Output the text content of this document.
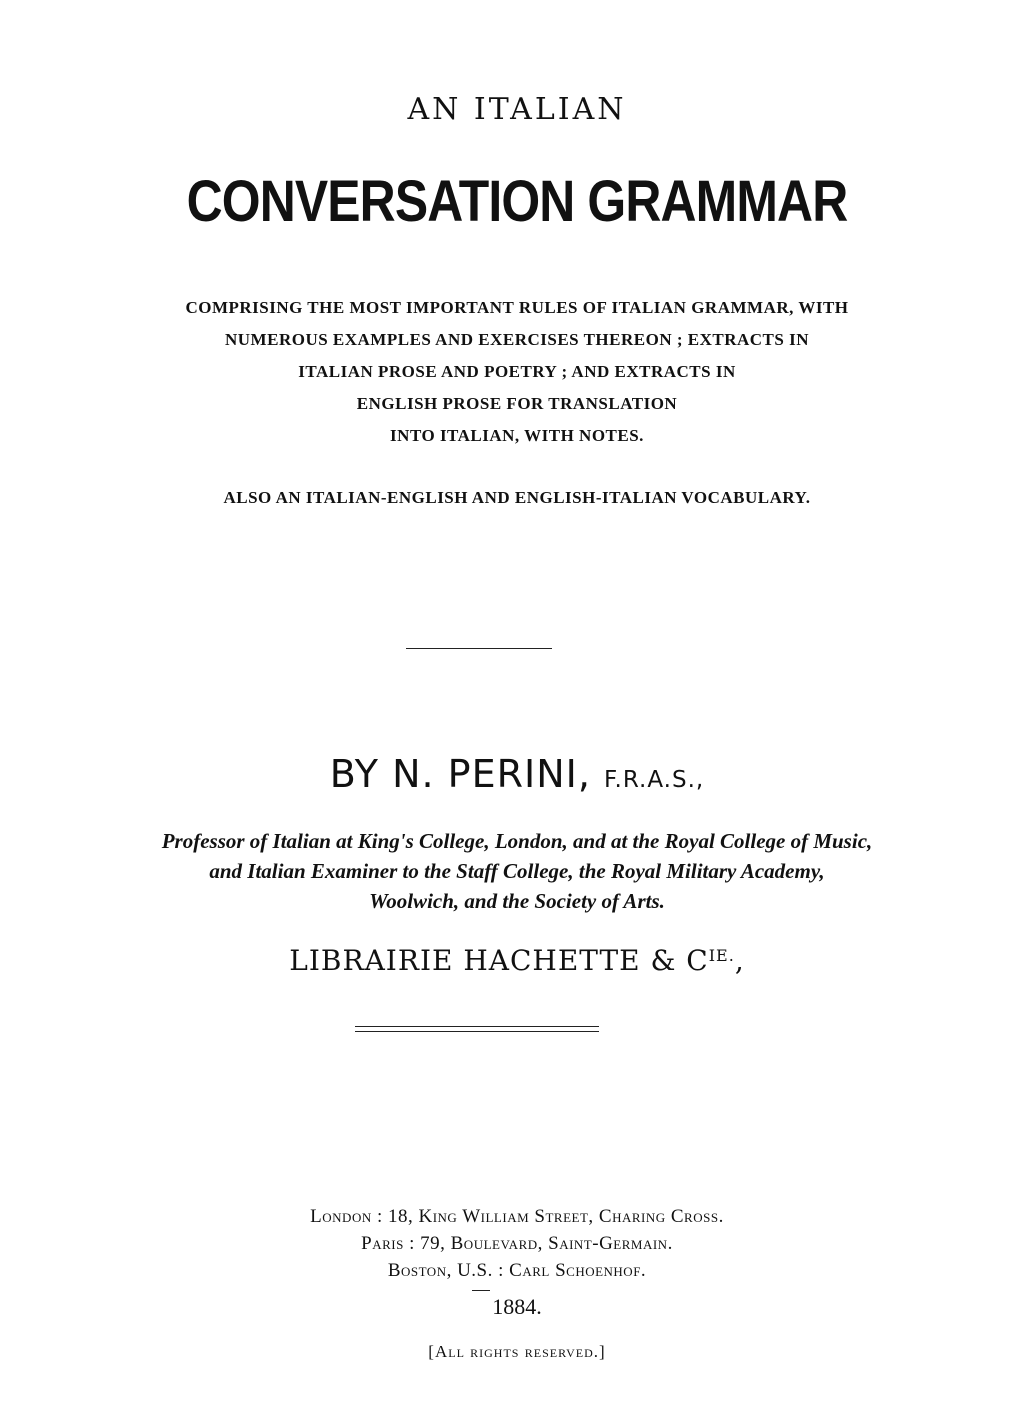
AN ITALIAN
CONVERSATION GRAMMAR
COMPRISING THE MOST IMPORTANT RULES OF ITALIAN GRAMMAR, WITH
NUMEROUS EXAMPLES AND EXERCISES THEREON ; EXTRACTS IN
ITALIAN PROSE AND POETRY ; AND EXTRACTS IN
ENGLISH PROSE FOR TRANSLATION
INTO ITALIAN, WITH NOTES.
ALSO AN ITALIAN-ENGLISH AND ENGLISH-ITALIAN VOCABULARY.
BY N. PERINI, F.R.A.S.,
Professor of Italian at King's College, London, and at the Royal College of Music,
and Italian Examiner to the Staff College, the Royal Military Academy,
Woolwich, and the Society of Arts.
LIBRAIRIE HACHETTE & $C^{IE.}$,
London : 18, King William Street, Charing Cross.
Paris : 79, Boulevard, Saint-Germain.
Boston, U.S. : Carl Schoenhof.
1884.
[All rights reserved.]
